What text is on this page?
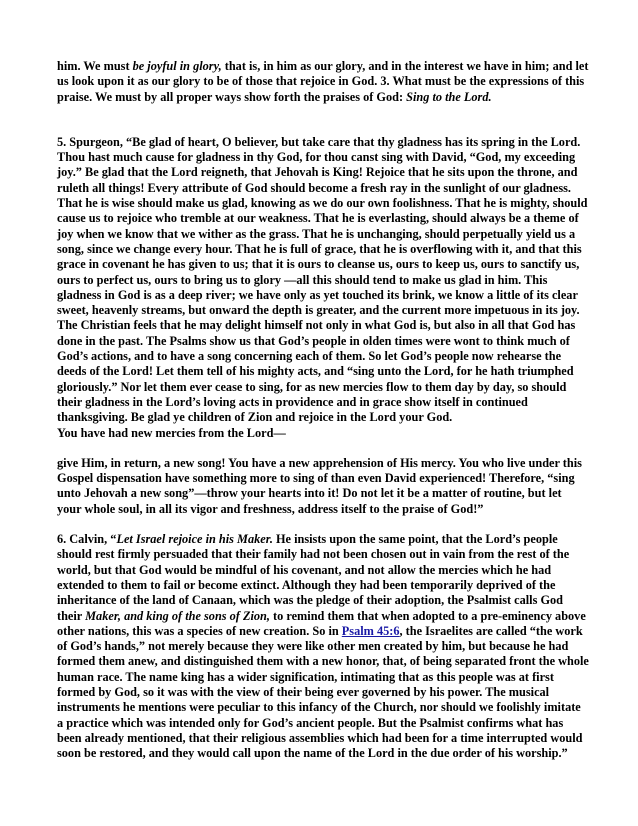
him. We must be joyful in glory, that is, in him as our glory, and in the interest we have in him; and let us look upon it as our glory to be of those that rejoice in God. 3. What must be the expressions of this praise. We must by all proper ways show forth the praises of God: Sing to the Lord.

5. Spurgeon, “Be glad of heart, O believer, but take care that thy gladness has its spring in the Lord. Thou hast much cause for gladness in thy God, for thou canst sing with David, “God, my exceeding joy.” Be glad that the Lord reigneth, that Jehovah is King! Rejoice that he sits upon the throne, and ruleth all things! Every attribute of God should become a fresh ray in the sunlight of our gladness. That he is wise should make us glad, knowing as we do our own foolishness. That he is mighty, should cause us to rejoice who tremble at our weakness. That he is everlasting, should always be a theme of joy when we know that we wither as the grass. That he is unchanging, should perpetually yield us a song, since we change every hour. That he is full of grace, that he is overflowing with it, and that this grace in covenant he has given to us; that it is ours to cleanse us, ours to keep us, ours to sanctify us, ours to perfect us, ours to bring us to glory —all this should tend to make us glad in him. This gladness in God is as a deep river; we have only as yet touched its brink, we know a little of its clear sweet, heavenly streams, but onward the depth is greater, and the current more impetuous in its joy. The Christian feels that he may delight himself not only in what God is, but also in all that God has done in the past. The Psalms show us that God’s people in olden times were wont to think much of God’s actions, and to have a song concerning each of them. So let God’s people now rehearse the deeds of the Lord! Let them tell of his mighty acts, and “sing unto the Lord, for he hath triumphed gloriously.” Nor let them ever cease to sing, for as new mercies flow to them day by day, so should their gladness in the Lord’s loving acts in providence and in grace show itself in continued thanksgiving. Be glad ye children of Zion and rejoice in the Lord your God.

You have had new mercies from the Lord—

give Him, in return, a new song! You have a new apprehension of His mercy. You who live under this Gospel dispensation have something more to sing of than even David experienced! Therefore, “sing unto Jehovah a new song”—throw your hearts into it! Do not let it be a matter of routine, but let your whole soul, in all its vigor and freshness, address itself to the praise of God!”

6. Calvin, “Let Israel rejoice in his Maker. He insists upon the same point, that the Lord’s people should rest firmly persuaded that their family had not been chosen out in vain from the rest of the world, but that God would be mindful of his covenant, and not allow the mercies which he had extended to them to fail or become extinct. Although they had been temporarily deprived of the inheritance of the land of Canaan, which was the pledge of their adoption, the Psalmist calls God their Maker, and king of the sons of Zion, to remind them that when adopted to a pre-eminency above other nations, this was a species of new creation. So in Psalm 45:6, the Israelites are called “the work of God’s hands,” not merely because they were like other men created by him, but because he had formed them anew, and distinguished them with a new honor, that, of being separated front the whole human race. The name king has a wider signification, intimating that as this people was at first formed by God, so it was with the view of their being ever governed by his power. The musical instruments he mentions were peculiar to this infancy of the Church, nor should we foolishly imitate a practice which was intended only for God’s ancient people. But the Psalmist confirms what has been already mentioned, that their religious assemblies which had been for a time interrupted would soon be restored, and they would call upon the name of the Lord in the due order of his worship.”
